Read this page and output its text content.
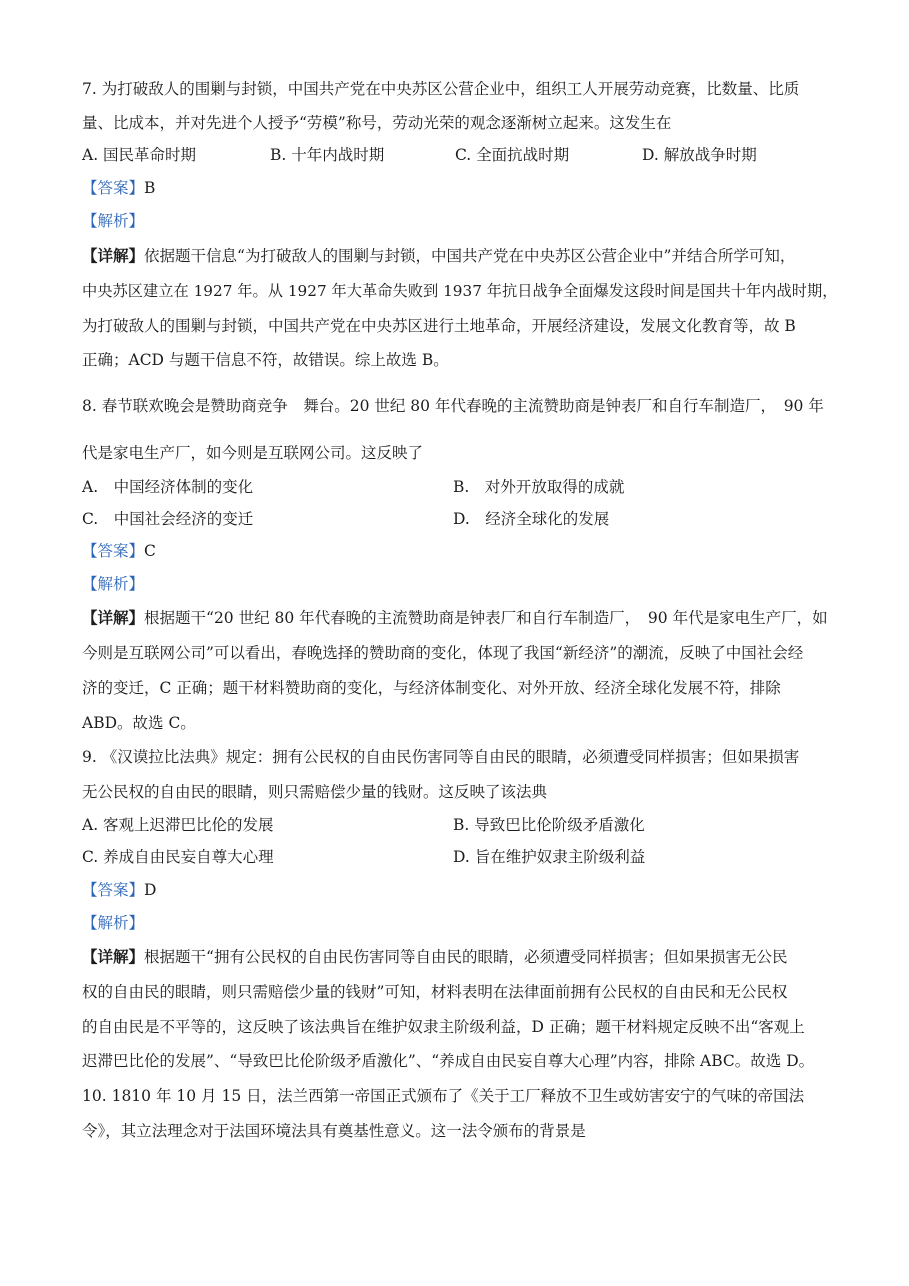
7. 为打破敌人的围剿与封锁，中国共产党在中央苏区公营企业中，组织工人开展劳动竞赛，比数量、比质
量、比成本，并对先进个人授予“劳模”称号，劳动光荣的观念逐渐树立起来。这发生在
A. 国民革命时期	B. 十年内战时期	C. 全面抗战时期	D. 解放战争时期
【答案】B
【解析】
【详解】依据题干信息“为打破敌人的围剿与封锁，中国共产党在中央苏区公营企业中”并结合所学可知，
中央苏区建立在 1927 年。从 1927 年大革命失败到 1937 年抗日战争全面爆发这段时间是国共十年内战时期，
为打破敌人的围剿与封锁，中国共产党在中央苏区进行土地革命，开展经济建设，发展文化教育等，故 B
正确；ACD 与题干信息不符，故错误。综上故选 B。
8. 春节联欢晚会是赞助商竞争　舞台。20 世纪 80 年代春晚的主流赞助商是钟表厂和自行车制造厂，　90 年
代是家电生产厂，如今则是互联网公司。这反映了
A.　中国经济体制的变化	B.　对外开放取得的成就
C.　中国社会经济的变迁	D.　经济全球化的发展
【答案】C
【解析】
【详解】根据题干“20 世纪 80 年代春晚的主流赞助商是钟表厂和自行车制造厂，　90 年代是家电生产厂，如
今则是互联网公司”可以看出，春晚选择的赞助商的变化，体现了我国“新经济”的潮流，反映了中国社会经
济的变迁，C 正确；题干材料赞助商的变化，与经济体制变化、对外开放、经济全球化发展不符，排除
ABD。故选 C。
9. 《汉谟拉比法典》规定：拥有公民权的自由民伤害同等自由民的眼睛，必须遭受同样损害；但如果损害
无公民权的自由民的眼睛，则只需赔偿少量的钱财。这反映了该法典
A. 客观上迟滞巴比伦的发展	B. 导致巴比伦阶级矛盾激化
C. 养成自由民妄自尊大心理	D. 旨在维护奴隶主阶级利益
【答案】D
【解析】
【详解】根据题干“拥有公民权的自由民伤害同等自由民的眼睛，必须遭受同样损害；但如果损害无公民
权的自由民的眼睛，则只需赔偿少量的钱财”可知，材料表明在法律面前拥有公民权的自由民和无公民权
的自由民是不平等的，这反映了该法典旨在维护奴隶主阶级利益，D 正确；题干材料规定反映不出“客观上
迟滞巴比伦的发展”、“导致巴比伦阶级矛盾激化”、“养成自由民妄自尊大心理”内容，排除 ABC。故选 D。
10. 1810 年 10 月 15 日，法兰西第一帝国正式颁布了《关于工厂释放不卫生或妨害安宁的气味的帝国法
令》，其立法理念对于法国环境法具有奠基性意义。这一法令颁布的背景是
